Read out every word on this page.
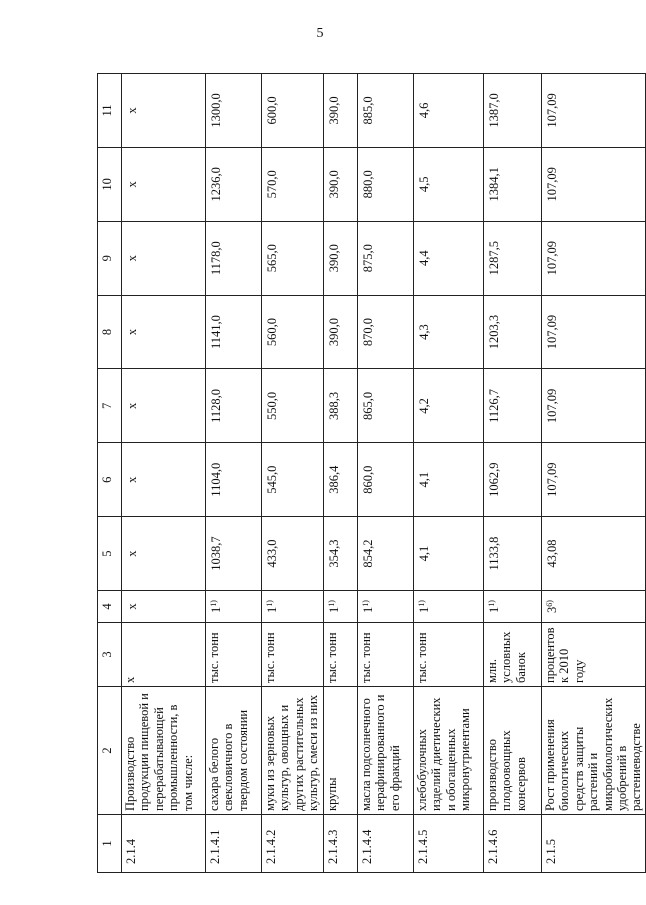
5
1	2	3	4	5	6	7	8	9	10	11
2.1.4	Производство продукции пищевой и перерабатывающей промышленности, в том числе:	х	х	х	х	х	х	х	х	х
2.1.4.1	сахара белого свекловичного в твердом состоянии	тыс. тонн	1$^{1)}$	1038,7	1104,0	1128,0	1141,0	1178,0	1236,0	1300,0
2.1.4.2	муки из зерновых культур, овощных и других растительных культур, смеси из них	тыс. тонн	1$^{1)}$	433,0	545,0	550,0	560,0	565,0	570,0	600,0
2.1.4.3	крупы	тыс. тонн	1$^{1)}$	354,3	386,4	388,3	390,0	390,0	390,0	390,0
2.1.4.4	масла подсолнечного нерафинированного и его фракций	тыс. тонн	1$^{1)}$	854,2	860,0	865,0	870,0	875,0	880,0	885,0
2.1.4.5	хлебобулочных изделий диетических и обогащенных микронутриентами	тыс. тонн	1$^{1)}$	4,1	4,1	4,2	4,3	4,4	4,5	4,6
2.1.4.6	производство плодоовощных консервов	млн. условных банок	1$^{1)}$	1133,8	1062,9	1126,7	1203,3	1287,5	1384,1	1387,0
2.1.5	Рост применения биологических средств защиты растений и микробиологических удобрений в растениеводстве	процентов к 2010 году	3$^{6)}$	43,08	107,09	107,09	107,09	107,09	107,09	107,09
